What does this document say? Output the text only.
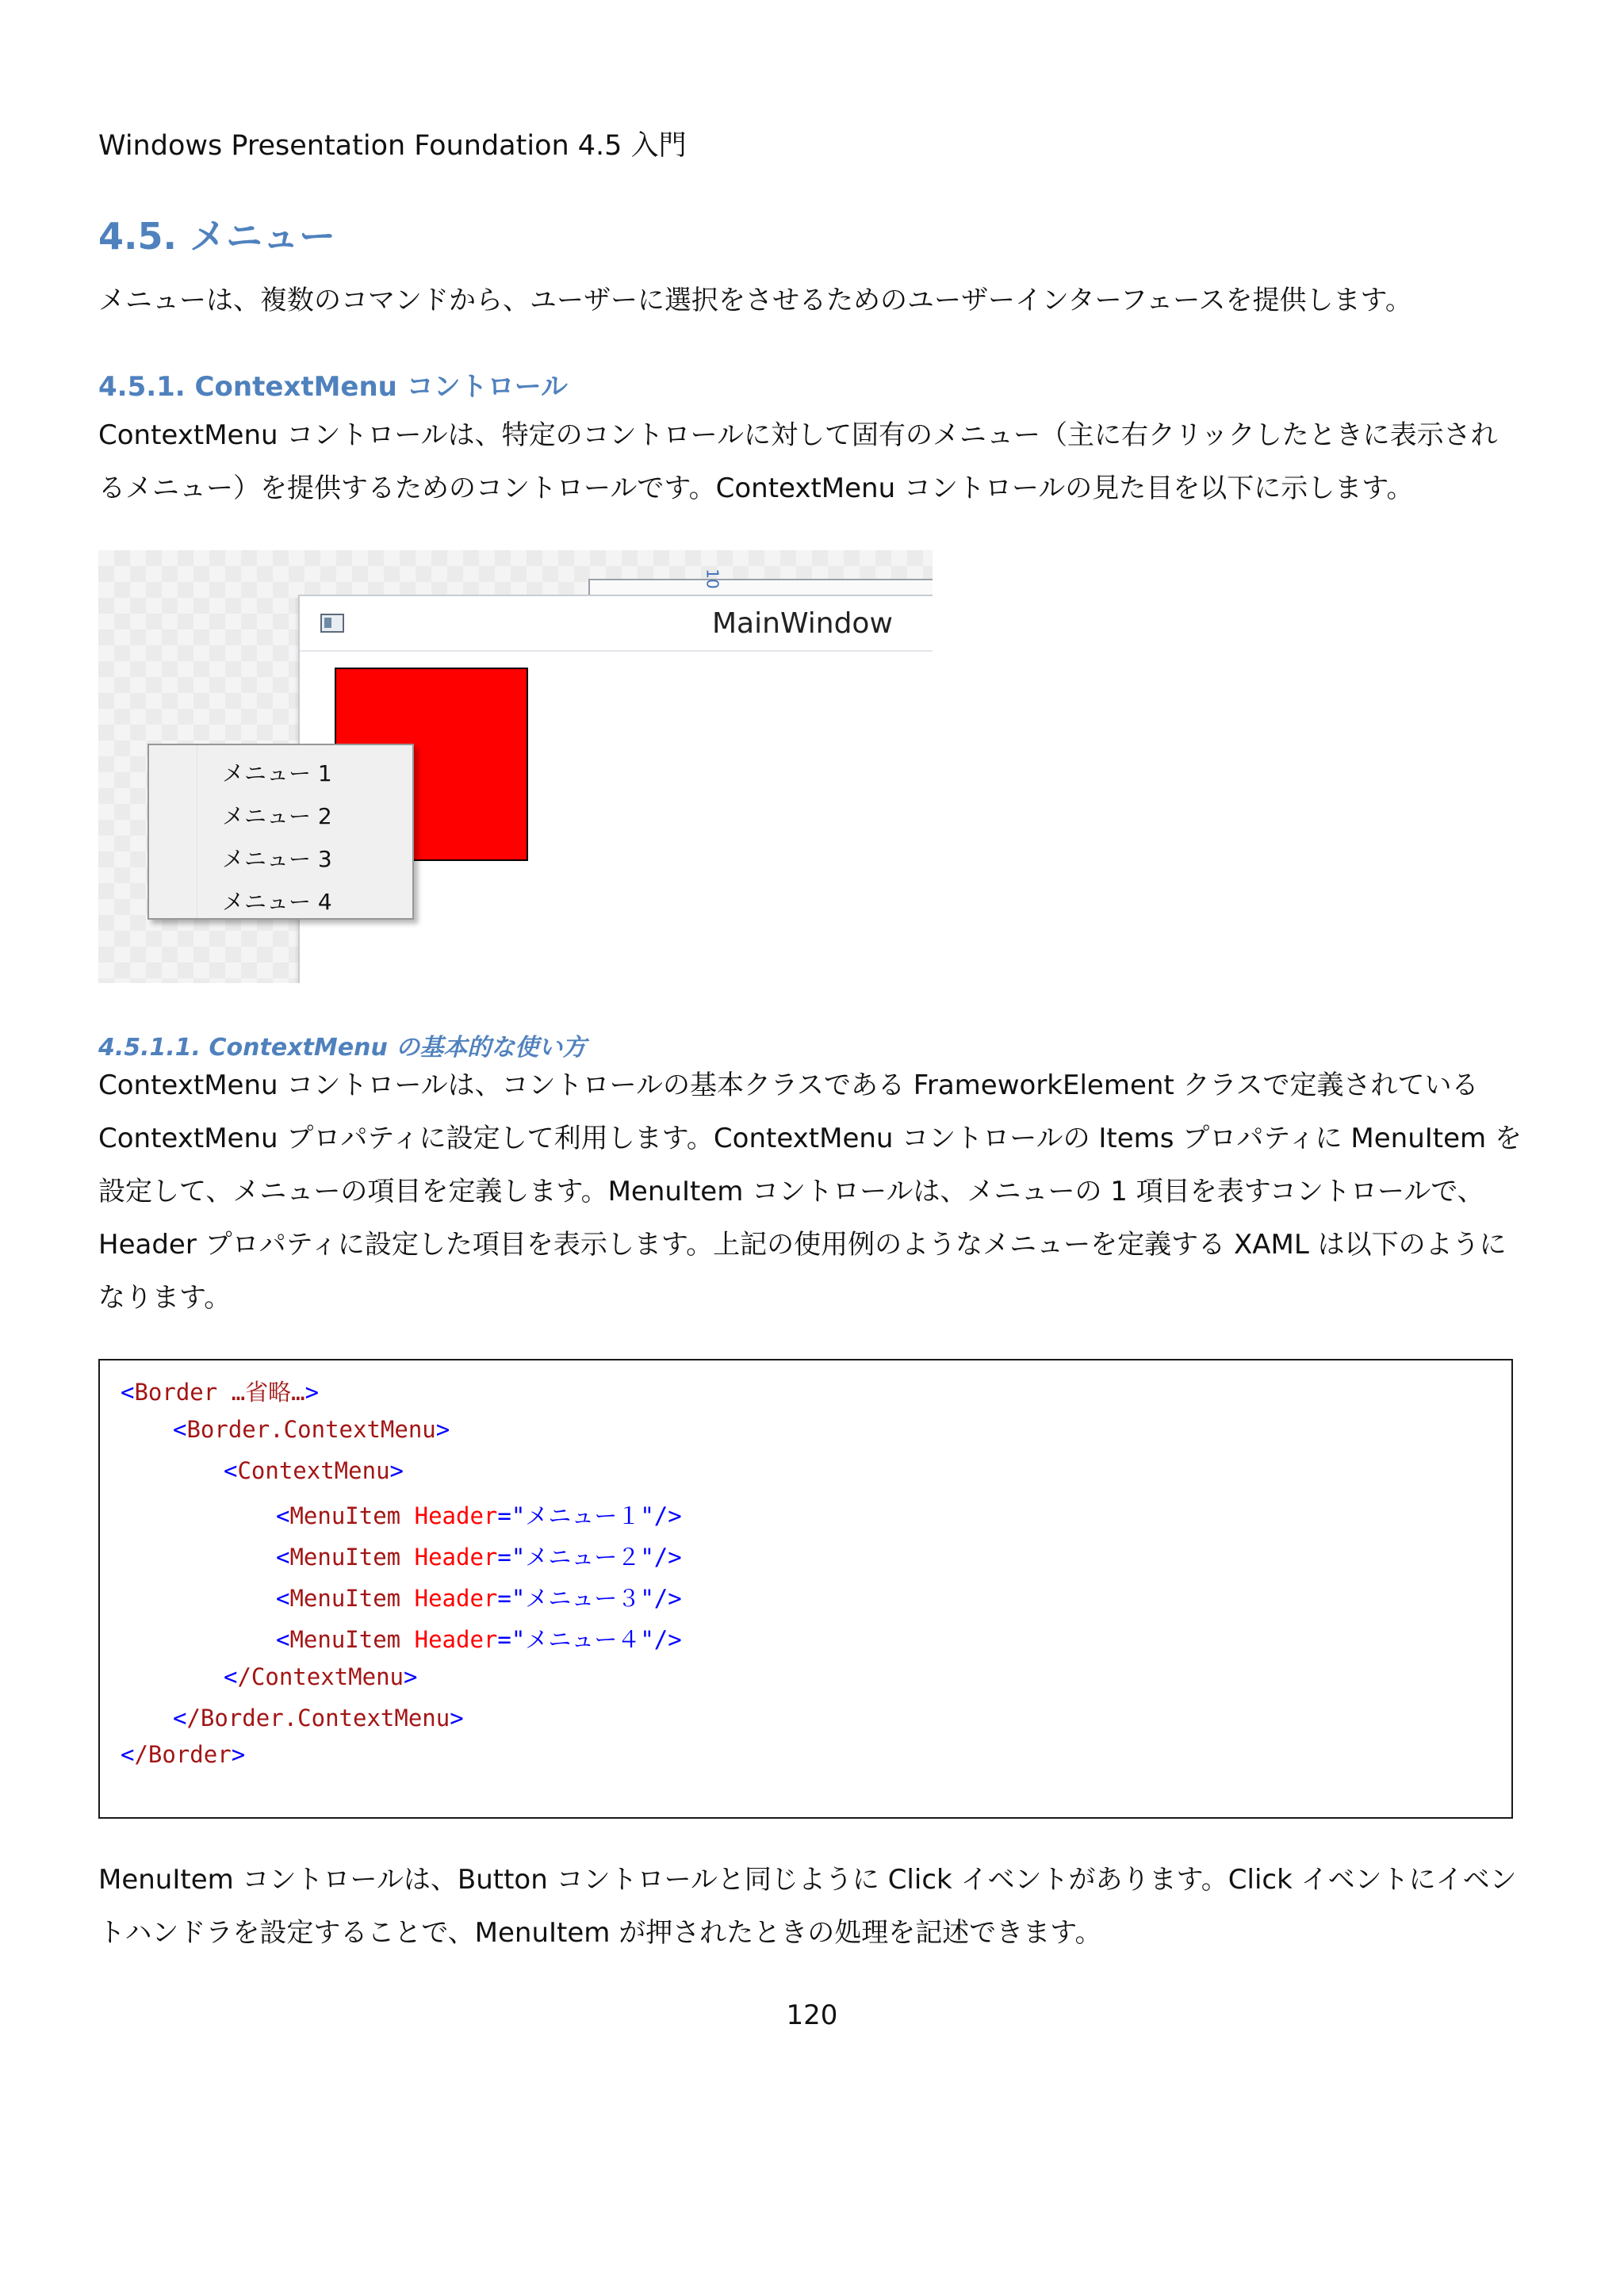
Windows Presentation Foundation 4.5 入門
4.5. メニュー
メニューは、複数のコマンドから、ユーザーに選択をさせるためのユーザーインターフェースを提供します。
4.5.1. ContextMenu コントロール
ContextMenu コントロールは、特定のコントロールに対して固有のメニュー（主に右クリックしたときに表示され
るメニュー）を提供するためのコントロールです。ContextMenu コントロールの見た目を以下に示します。
10
MainWindow
メニュー 1
メニュー 2
メニュー 3
メニュー 4
4.5.1.1. ContextMenu の基本的な使い方
ContextMenu コントロールは、コントロールの基本クラスである FrameworkElement クラスで定義されている
ContextMenu プロパティに設定して利用します。ContextMenu コントロールの Items プロパティに MenuItem を
設定して、メニューの項目を定義します。MenuItem コントロールは、メニューの 1 項目を表すコントロールで、
Header プロパティに設定した項目を表示します。上記の使用例のようなメニューを定義する XAML は以下のように
なります。
<Border …省略…>
<Border.ContextMenu>
<ContextMenu>
<MenuItem Header="メニュー１"/>
<MenuItem Header="メニュー２"/>
<MenuItem Header="メニュー３"/>
<MenuItem Header="メニュー４"/>
</ContextMenu>
</Border.ContextMenu>
</Border>
MenuItem コントロールは、Button コントロールと同じように Click イベントがあります。Click イベントにイベン
トハンドラを設定することで、MenuItem が押されたときの処理を記述できます。
120
